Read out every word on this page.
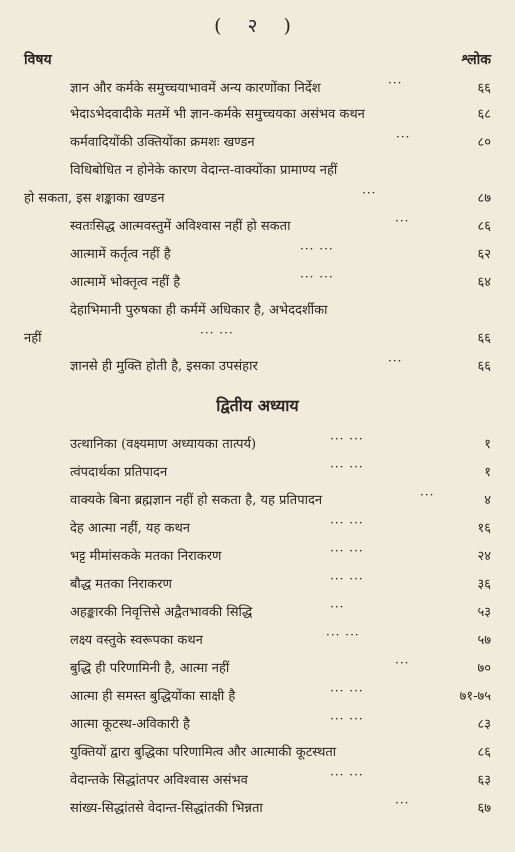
( २ )
विषय	श्लोक
द्वितीय अध्याय
ज्ञान और कर्मके समुच्चयाभावमें अन्य कारणोंका निर्देश	···	६६
भेदाऽभेदवादीके मतमें भी ज्ञान-कर्मके समुच्चयका असंभव कथन	६८
कर्मवादियोंकी उक्तियोंका क्रमशः खण्डन	···	८०
विधिबोधित न होनेके कारण वेदान्त-वाक्योंका प्रामाण्य नहीं
हो सकता, इस शङ्काका खण्डन	···	८७
स्वतःसिद्ध आत्मवस्तुमें अविश्वास नहीं हो सकता	···	८६
आत्मामें कर्तृत्व नहीं है	··· ···	६२
आत्मामें भोक्तृत्व नहीं है	··· ···	६४
देहाभिमानी पुरुषका ही कर्ममें अधिकार है, अभेददर्शीका
नहीं	··· ···	६६
ज्ञानसे ही मुक्ति होती है, इसका उपसंहार	···	६६
उत्थानिका (वक्ष्यमाण अध्यायका तात्पर्य)	··· ···	१
त्वंपदार्थका प्रतिपादन	··· ···	१
वाक्यके बिना ब्रह्मज्ञान नहीं हो सकता है, यह प्रतिपादन	···	४
देह आत्मा नहीं, यह कथन	··· ···	१६
भट्ट मीमांसकके मतका निराकरण	··· ···	२४
बौद्ध मतका निराकरण	··· ···	३६
अहङ्कारकी निवृत्तिसे अद्वैतभावकी सिद्धि	···	५३
लक्ष्य वस्तुके स्वरूपका कथन	··· ···	५७
बुद्धि ही परिणामिनी है, आत्मा नहीं	···	७०
आत्मा ही समस्त बुद्धियोंका साक्षी है	··· ···	७१-७५
आत्मा कूटस्थ-अविकारी है	··· ···	८३
युक्तियों द्वारा बुद्धिका परिणामित्व और आत्माकी कूटस्थता	८६
वेदान्तके सिद्धांतपर अविश्वास असंभव	··· ···	६३
सांख्य-सिद्धांतसे वेदान्त-सिद्धांतकी भिन्नता	···	६७
